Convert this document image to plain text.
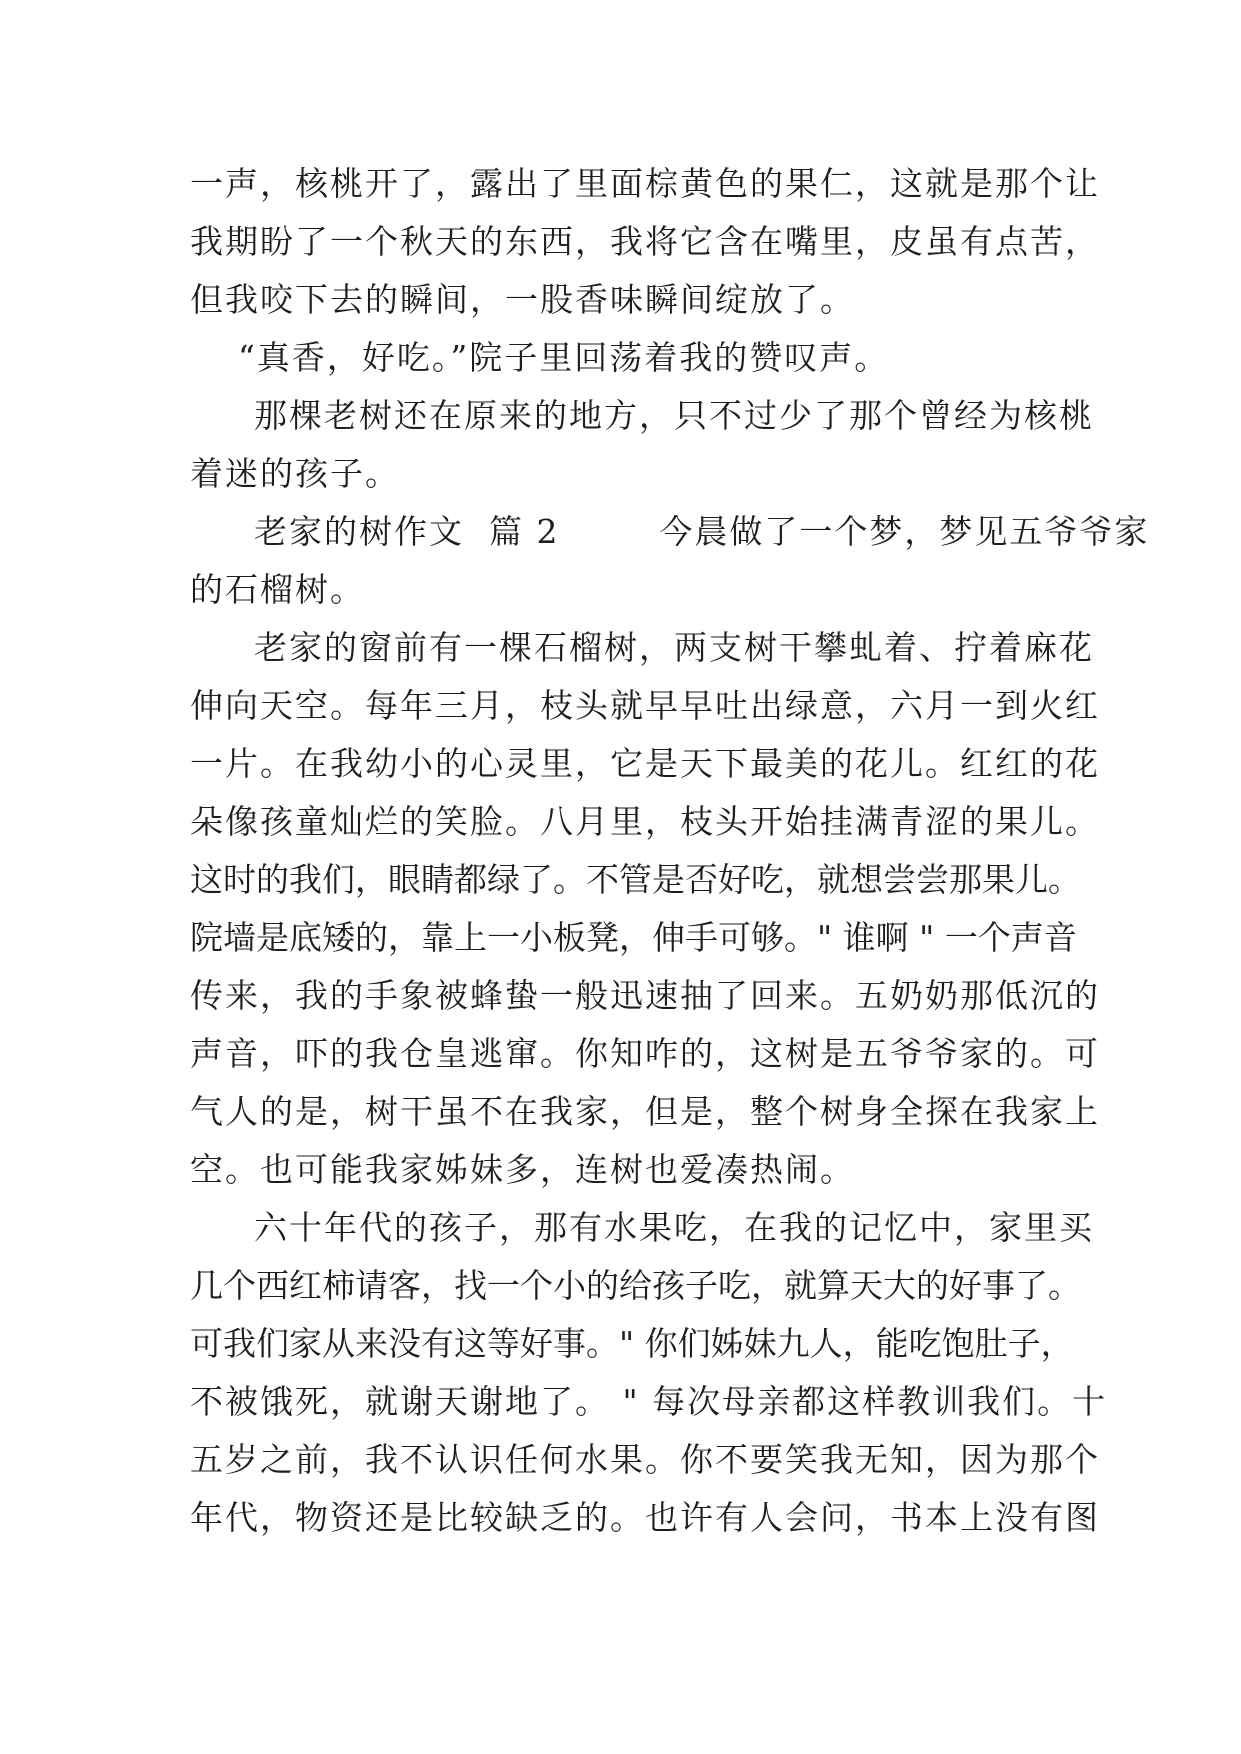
一声，核桃开了，露出了里面棕黄色的果仁，这就是那个让
我期盼了一个秋天的东西，我将它含在嘴里，皮虽有点苦，
但我咬下去的瞬间，一股香味瞬间绽放了。
“真香，好吃。”院子里回荡着我的赞叹声。
那棵老树还在原来的地方，只不过少了那个曾经为核桃
着迷的孩子。
老家的树作文  篇 2        今晨做了一个梦，梦见五爷爷家
的石榴树。
老家的窗前有一棵石榴树，两支树干攀虬着、拧着麻花
伸向天空。每年三月，枝头就早早吐出绿意，六月一到火红
一片。在我幼小的心灵里，它是天下最美的花儿。红红的花
朵像孩童灿烂的笑脸。八月里，枝头开始挂满青涩的果儿。
这时的我们，眼睛都绿了。不管是否好吃，就想尝尝那果儿。
院墙是底矮的，靠上一小板凳，伸手可够。" 谁啊 " 一个声音
传来，我的手象被蜂蛰一般迅速抽了回来。五奶奶那低沉的
声音，吓的我仓皇逃窜。你知咋的，这树是五爷爷家的。可
气人的是，树干虽不在我家，但是，整个树身全探在我家上
空。也可能我家姊妹多，连树也爱凑热闹。
六十年代的孩子，那有水果吃，在我的记忆中，家里买
几个西红柿请客，找一个小的给孩子吃，就算天大的好事了。
可我们家从来没有这等好事。" 你们姊妹九人，能吃饱肚子，
不被饿死，就谢天谢地了。 " 每次母亲都这样教训我们。十
五岁之前，我不认识任何水果。你不要笑我无知，因为那个
年代，物资还是比较缺乏的。也许有人会问，书本上没有图
